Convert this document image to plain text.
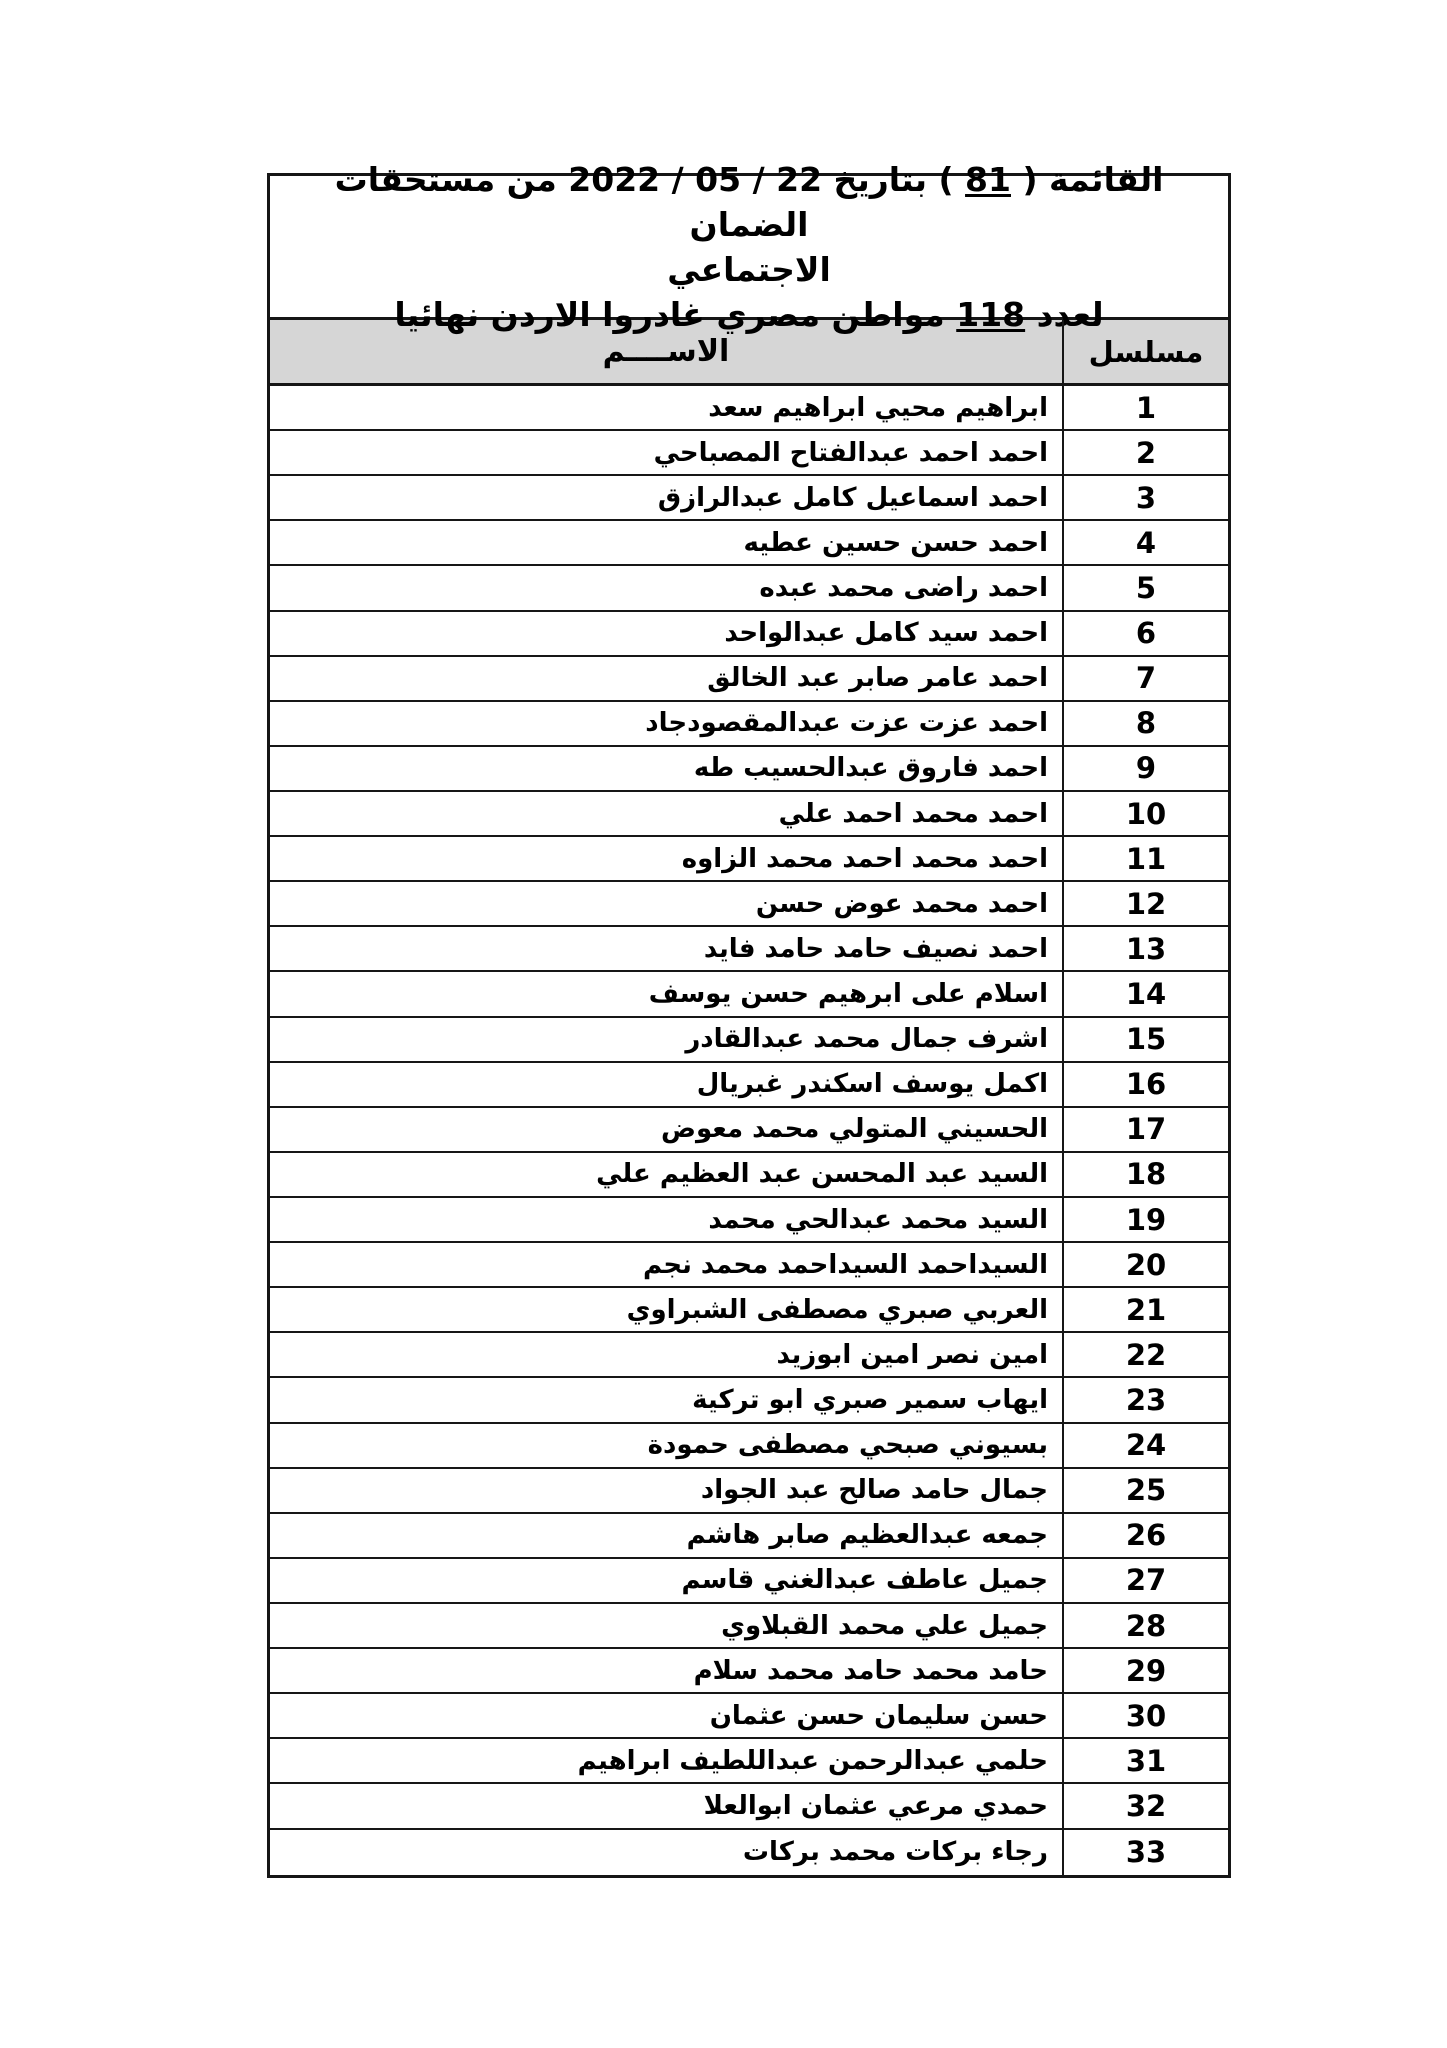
القائمة ( 81 ) بتاريخ 22 / 05 / 2022 من مستحقات الضمان
الاجتماعي
لعدد 118 مواطن مصري غادروا الاردن نهائيا
مسلسل
الاســــم
1
ابراهيم محيي ابراهيم سعد
2
احمد احمد عبدالفتاح المصباحي
3
احمد اسماعيل كامل عبدالرازق
4
احمد حسن حسين عطيه
5
احمد راضى محمد عبده
6
احمد سيد كامل عبدالواحد
7
احمد عامر صابر عبد الخالق
8
احمد عزت عزت عبدالمقصودجاد
9
احمد فاروق عبدالحسيب طه
10
احمد محمد احمد علي
11
احمد محمد احمد محمد الزاوه
12
احمد محمد عوض حسن
13
احمد نصيف حامد حامد فايد
14
اسلام على ابرهيم حسن يوسف
15
اشرف جمال محمد عبدالقادر
16
اكمل يوسف اسكندر غبريال
17
الحسيني المتولي محمد معوض
18
السيد عبد المحسن عبد العظيم علي
19
السيد محمد عبدالحي محمد
20
السيداحمد السيداحمد محمد نجم
21
العربي صبري مصطفى الشبراوي
22
امين نصر امين ابوزيد
23
ايهاب سمير صبري ابو تركية
24
بسيوني صبحي مصطفى حمودة
25
جمال حامد صالح عبد الجواد
26
جمعه عبدالعظيم صابر هاشم
27
جميل عاطف عبدالغني قاسم
28
جميل علي محمد القبلاوي
29
حامد محمد حامد محمد سلام
30
حسن سليمان حسن عثمان
31
حلمي عبدالرحمن عبداللطيف ابراهيم
32
حمدي مرعي عثمان ابوالعلا
33
رجاء بركات محمد بركات
